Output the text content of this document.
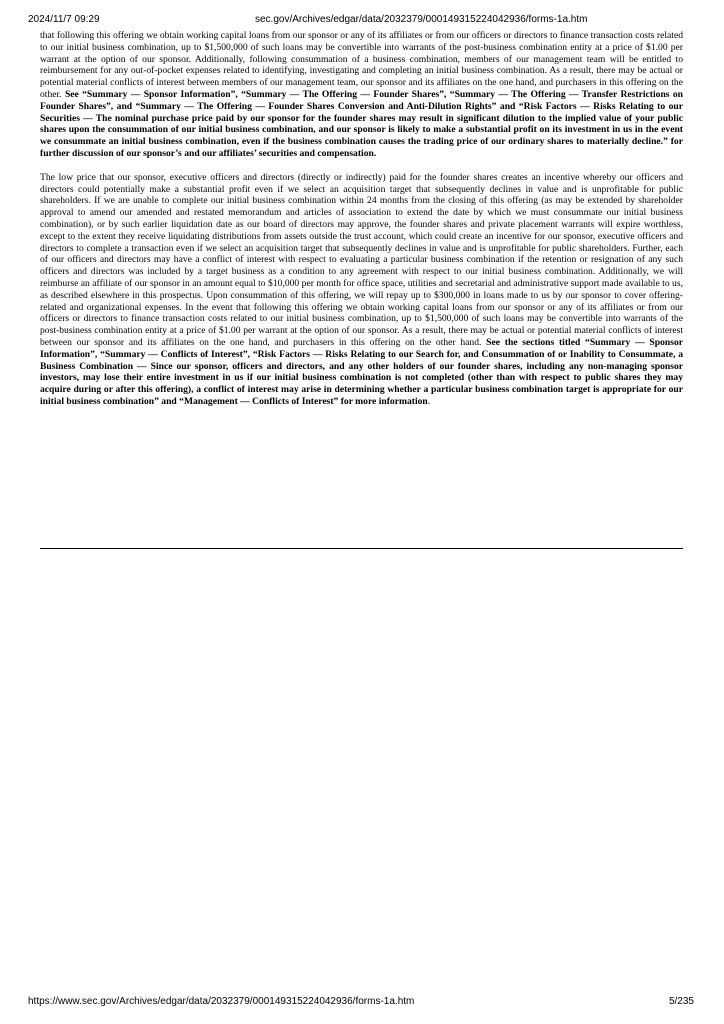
2024/11/7 09:29	sec.gov/Archives/edgar/data/2032379/000149315224042936/forms-1a.htm

that following this offering we obtain working capital loans from our sponsor or any of its affiliates or from our officers or directors to finance transaction costs related to our initial business combination, up to $1,500,000 of such loans may be convertible into warrants of the post-business combination entity at a price of $1.00 per warrant at the option of our sponsor. Additionally, following consummation of a business combination, members of our management team will be entitled to reimbursement for any out-of-pocket expenses related to identifying, investigating and completing an initial business combination. As a result, there may be actual or potential material conflicts of interest between members of our management team, our sponsor and its affiliates on the one hand, and purchasers in this offering on the other. See “Summary — Sponsor Information”, “Summary — The Offering — Founder Shares”, “Summary — The Offering — Transfer Restrictions on Founder Shares”, and “Summary — The Offering — Founder Shares Conversion and Anti-Dilution Rights” and “Risk Factors — Risks Relating to our Securities — The nominal purchase price paid by our sponsor for the founder shares may result in significant dilution to the implied value of your public shares upon the consummation of our initial business combination, and our sponsor is likely to make a substantial profit on its investment in us in the event we consummate an initial business combination, even if the business combination causes the trading price of our ordinary shares to materially decline.” for further discussion of our sponsor’s and our affiliates’ securities and compensation.

The low price that our sponsor, executive officers and directors (directly or indirectly) paid for the founder shares creates an incentive whereby our officers and directors could potentially make a substantial profit even if we select an acquisition target that subsequently declines in value and is unprofitable for public shareholders. If we are unable to complete our initial business combination within 24 months from the closing of this offering (as may be extended by shareholder approval to amend our amended and restated memorandum and articles of association to extend the date by which we must consummate our initial business combination), or by such earlier liquidation date as our board of directors may approve, the founder shares and private placement warrants will expire worthless, except to the extent they receive liquidating distributions from assets outside the trust account, which could create an incentive for our sponsor, executive officers and directors to complete a transaction even if we select an acquisition target that subsequently declines in value and is unprofitable for public shareholders. Further, each of our officers and directors may have a conflict of interest with respect to evaluating a particular business combination if the retention or resignation of any such officers and directors was included by a target business as a condition to any agreement with respect to our initial business combination. Additionally, we will reimburse an affiliate of our sponsor in an amount equal to $10,000 per month for office space, utilities and secretarial and administrative support made available to us, as described elsewhere in this prospectus. Upon consummation of this offering, we will repay up to $300,000 in loans made to us by our sponsor to cover offering-related and organizational expenses. In the event that following this offering we obtain working capital loans from our sponsor or any of its affiliates or from our officers or directors to finance transaction costs related to our initial business combination, up to $1,500,000 of such loans may be convertible into warrants of the post-business combination entity at a price of $1.00 per warrant at the option of our sponsor. As a result, there may be actual or potential material conflicts of interest between our sponsor and its affiliates on the one hand, and purchasers in this offering on the other hand. See the sections titled “Summary — Sponsor Information”, “Summary — Conflicts of Interest”, “Risk Factors — Risks Relating to our Search for, and Consummation of or Inability to Consummate, a Business Combination — Since our sponsor, officers and directors, and any other holders of our founder shares, including any non-managing sponsor investors, may lose their entire investment in us if our initial business combination is not completed (other than with respect to public shares they may acquire during or after this offering), a conflict of interest may arise in determining whether a particular business combination target is appropriate for our initial business combination” and “Management — Conflicts of Interest” for more information.

https://www.sec.gov/Archives/edgar/data/2032379/000149315224042936/forms-1a.htm	5/235
